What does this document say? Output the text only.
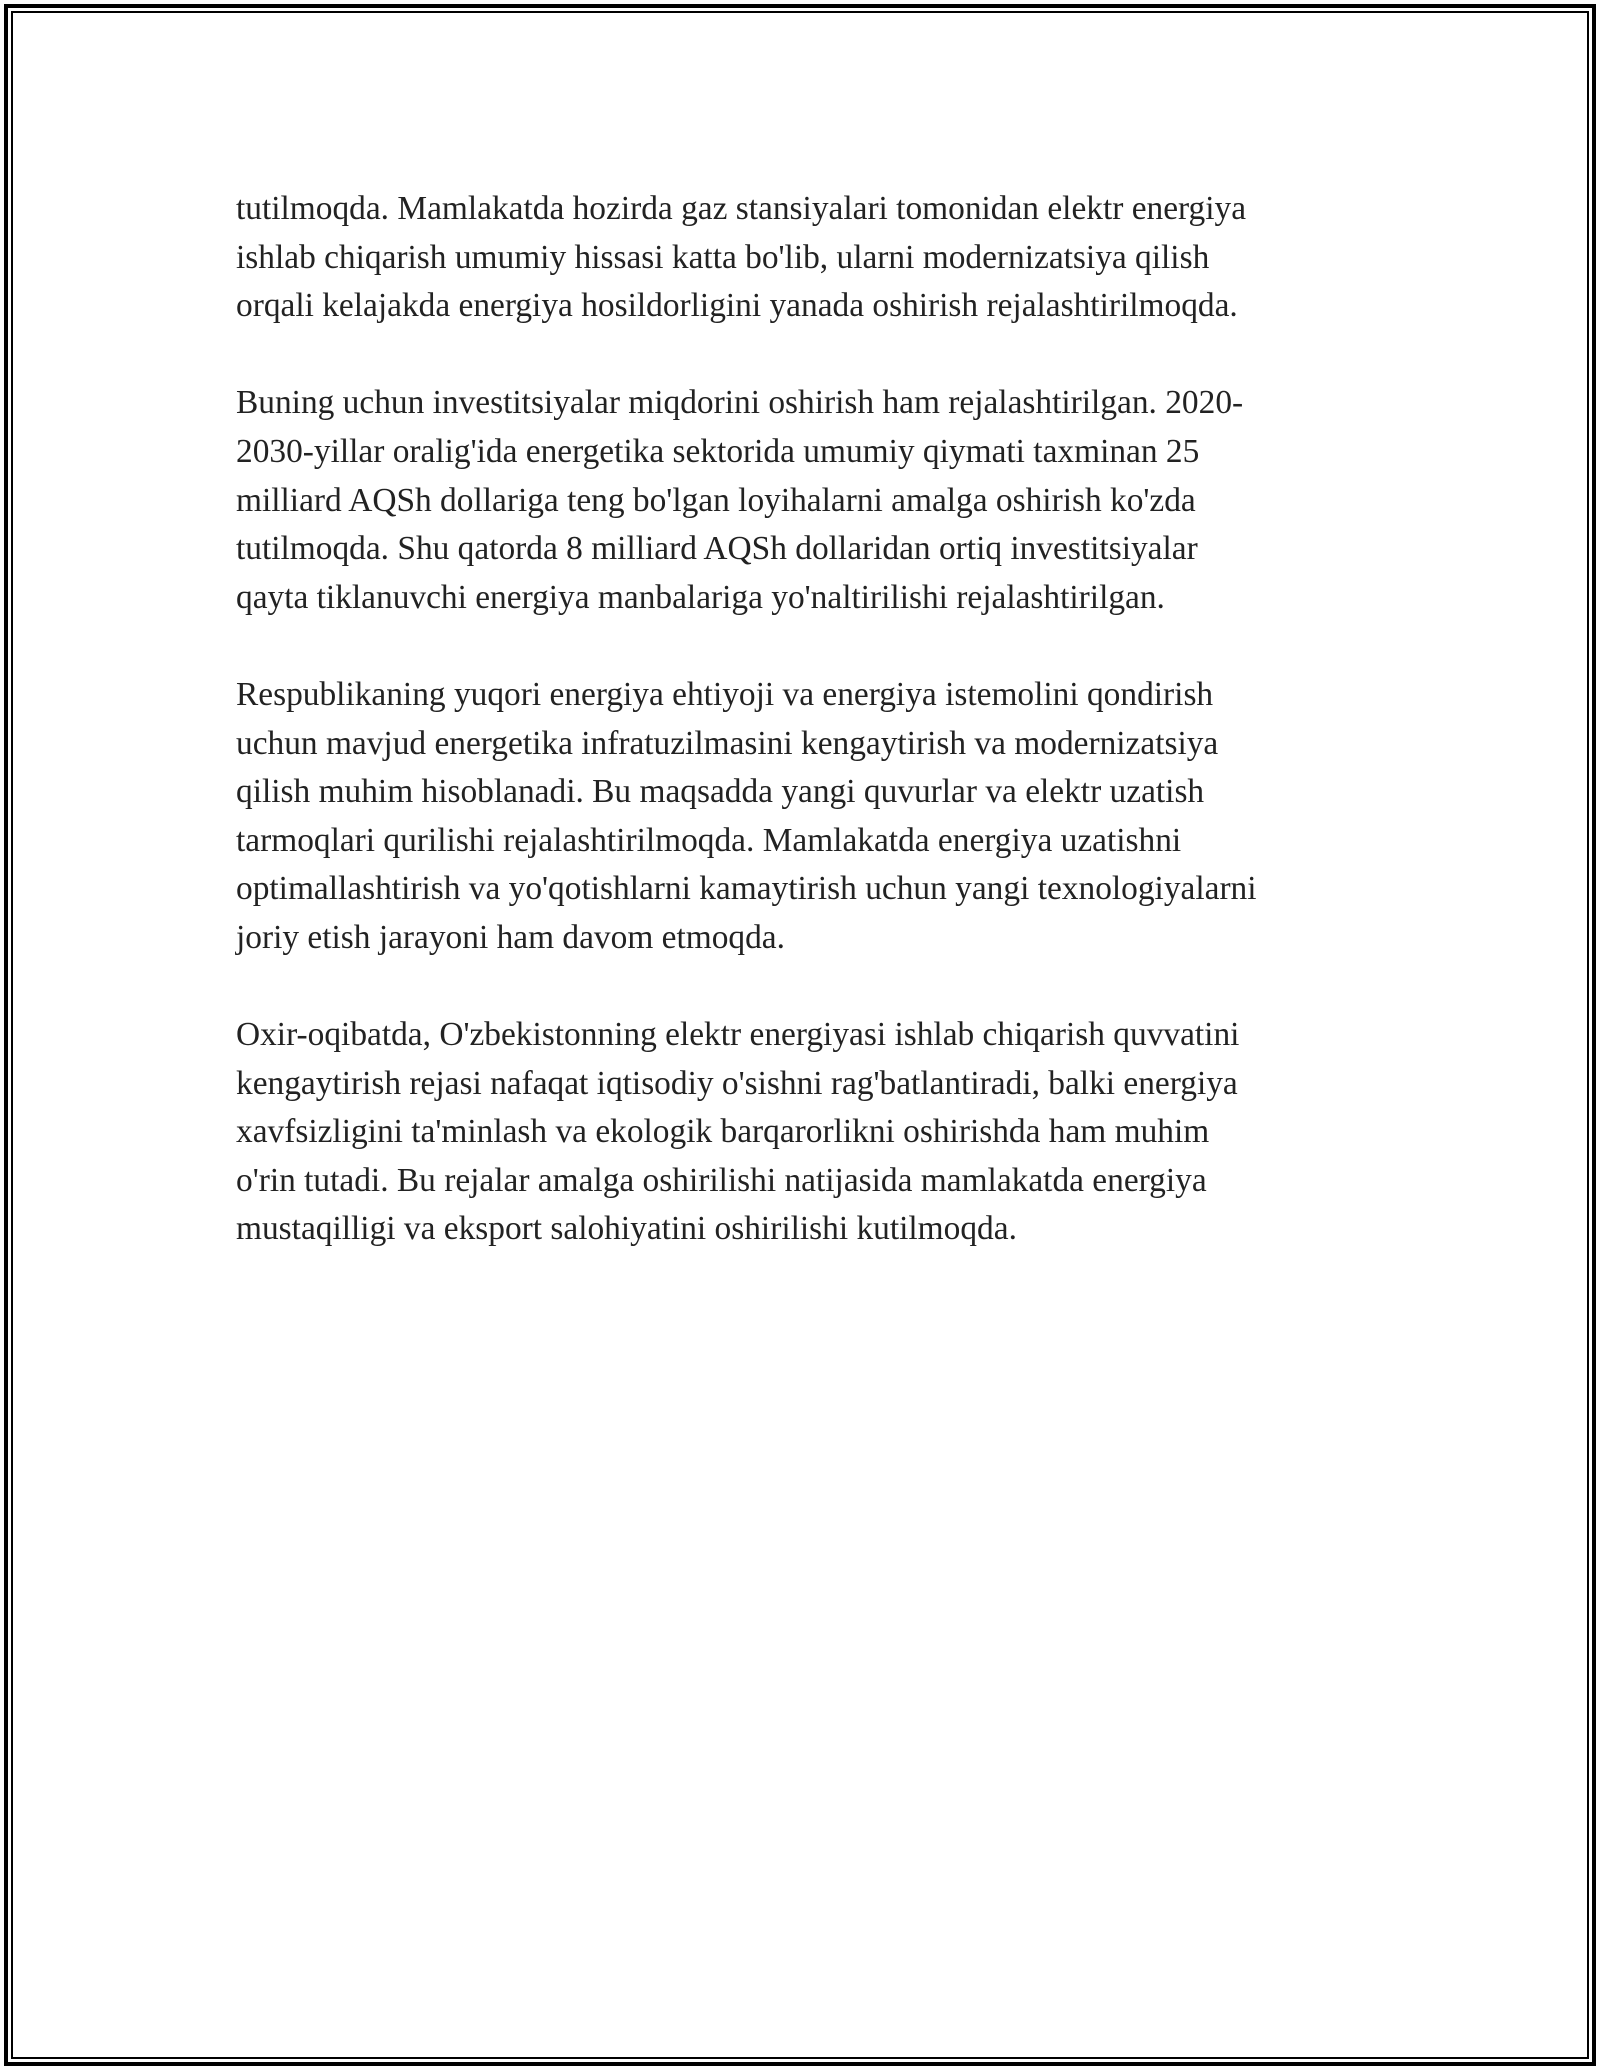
tutilmoqda. Mamlakatda hozirda gaz stansiyalari tomonidan elektr energiya
ishlab chiqarish umumiy hissasi katta bo'lib, ularni modernizatsiya qilish
orqali kelajakda energiya hosildorligini yanada oshirish rejalashtirilmoqda.

Buning uchun investitsiyalar miqdorini oshirish ham rejalashtirilgan. 2020-
2030-yillar oralig'ida energetika sektorida umumiy qiymati taxminan 25
milliard AQSh dollariga teng bo'lgan loyihalarni amalga oshirish ko'zda
tutilmoqda. Shu qatorda 8 milliard AQSh dollaridan ortiq investitsiyalar
qayta tiklanuvchi energiya manbalariga yo'naltirilishi rejalashtirilgan.

Respublikaning yuqori energiya ehtiyoji va energiya istemolini qondirish
uchun mavjud energetika infratuzilmasini kengaytirish va modernizatsiya
qilish muhim hisoblanadi. Bu maqsadda yangi quvurlar va elektr uzatish
tarmoqlari qurilishi rejalashtirilmoqda. Mamlakatda energiya uzatishni
optimallashtirish va yo'qotishlarni kamaytirish uchun yangi texnologiyalarni
joriy etish jarayoni ham davom etmoqda.

Oxir-oqibatda, O'zbekistonning elektr energiyasi ishlab chiqarish quvvatini
kengaytirish rejasi nafaqat iqtisodiy o'sishni rag'batlantiradi, balki energiya
xavfsizligini ta'minlash va ekologik barqarorlikni oshirishda ham muhim
o'rin tutadi. Bu rejalar amalga oshirilishi natijasida mamlakatda energiya
mustaqilligi va eksport salohiyatini oshirilishi kutilmoqda.
